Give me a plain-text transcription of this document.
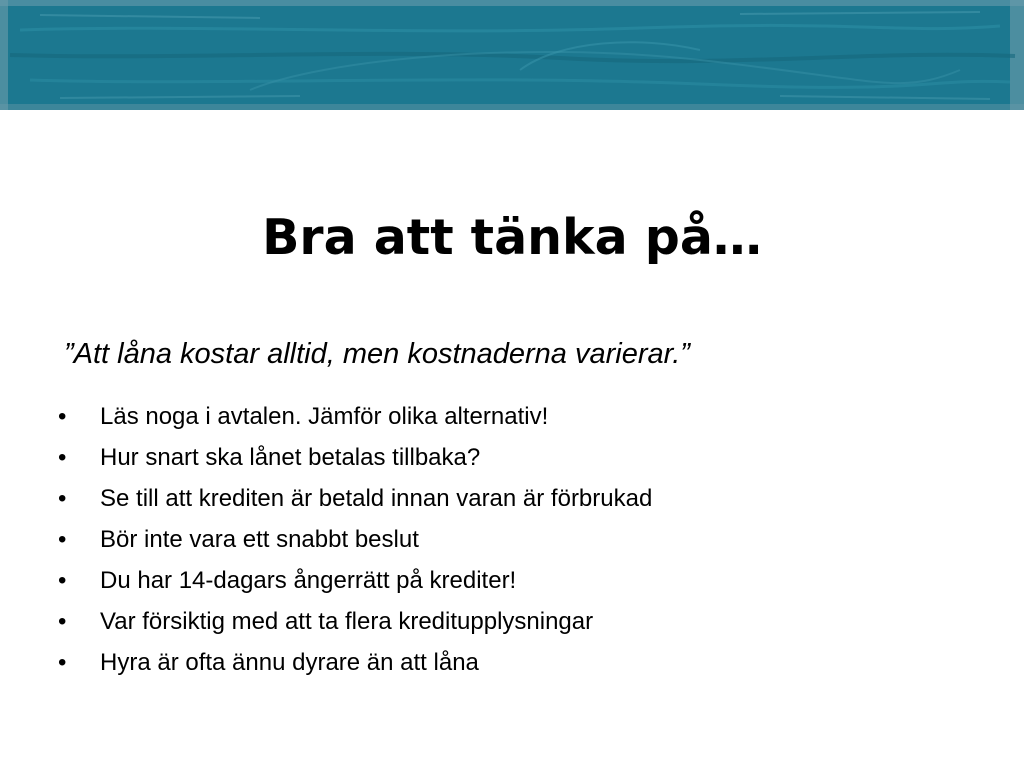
Bra att tänka på…

”Att låna kostar alltid, men kostnaderna varierar.”

•	Läs noga i avtalen. Jämför olika alternativ!
•	Hur snart ska lånet betalas tillbaka?
•	Se till att krediten är betald innan varan är förbrukad
•	Bör inte vara ett snabbt beslut
•	Du har 14-dagars ångerrätt på krediter!
•	Var försiktig med att ta flera kreditupplysningar
•	Hyra är ofta ännu dyrare än att låna
